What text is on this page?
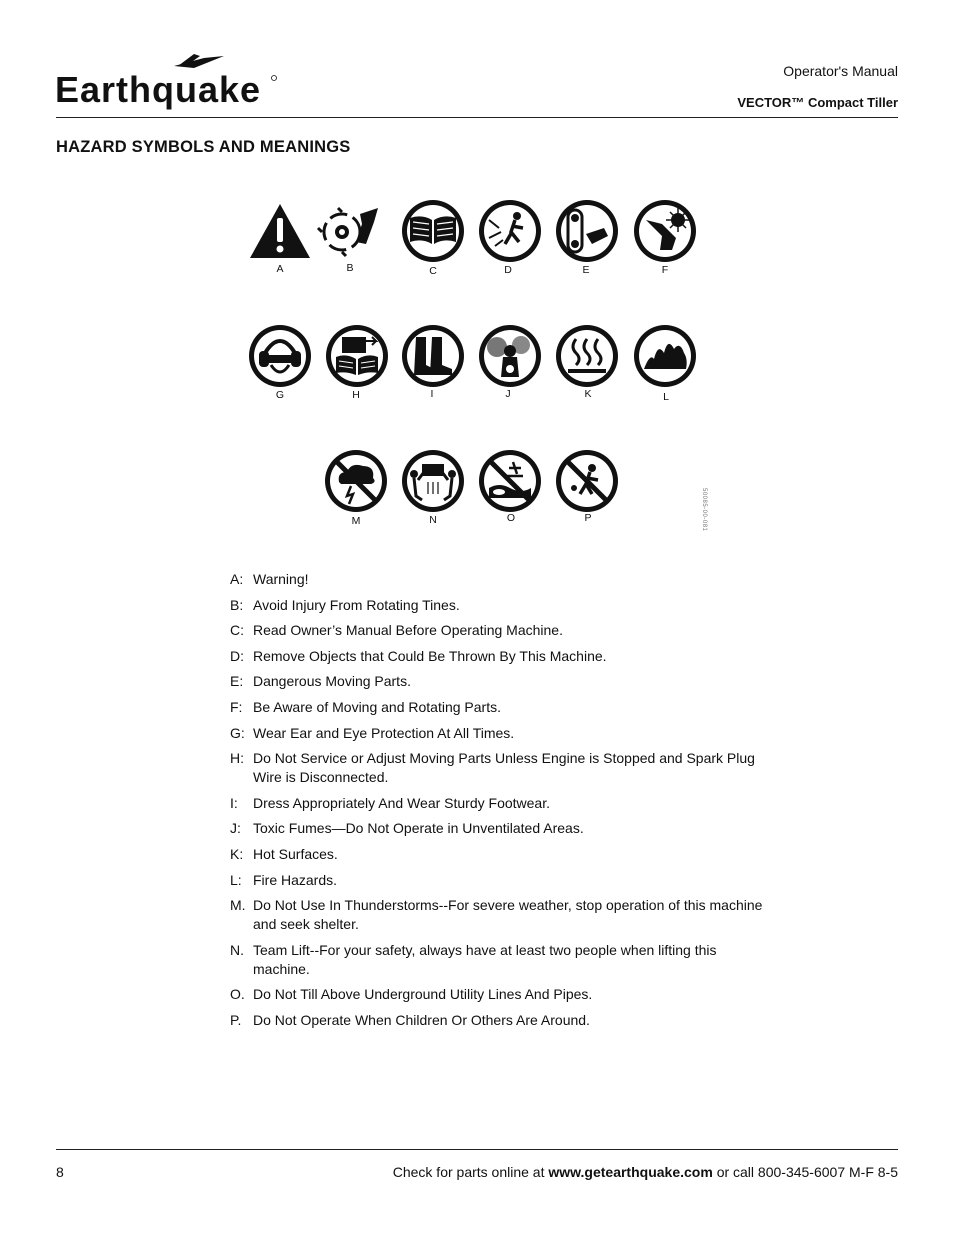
Earthquake	Operator's Manual
VECTOR™ Compact Tiller
HAZARD SYMBOLS AND MEANINGS
A	B	C	D	E	F
G	H	I	J	K	L
M	N	O	P	50085-00-081
A: Warning!
B: Avoid Injury From Rotating Tines.
C: Read Owner’s Manual Before Operating Machine.
D: Remove Objects that Could Be Thrown By This Machine.
E: Dangerous Moving Parts.
F: Be Aware of Moving and Rotating Parts.
G: Wear Ear and Eye Protection At All Times.
H: Do Not Service or Adjust Moving Parts Unless Engine is Stopped and Spark Plug Wire is Disconnected.
I:	Dress Appropriately And Wear Sturdy Footwear.
J: Toxic Fumes—Do Not Operate in Unventilated Areas.
K: Hot Surfaces.
L: Fire Hazards.
M. Do Not Use In Thunderstorms--For severe weather, stop operation of this machine and seek shelter.
N. Team Lift--For your safety, always have at least two people when lifting this machine.
O. Do Not Till Above Underground Utility Lines And Pipes.
P. Do Not Operate When Children Or Others Are Around.
8	Check for parts online at www.getearthquake.com or call 800-345-6007 M-F 8-5
